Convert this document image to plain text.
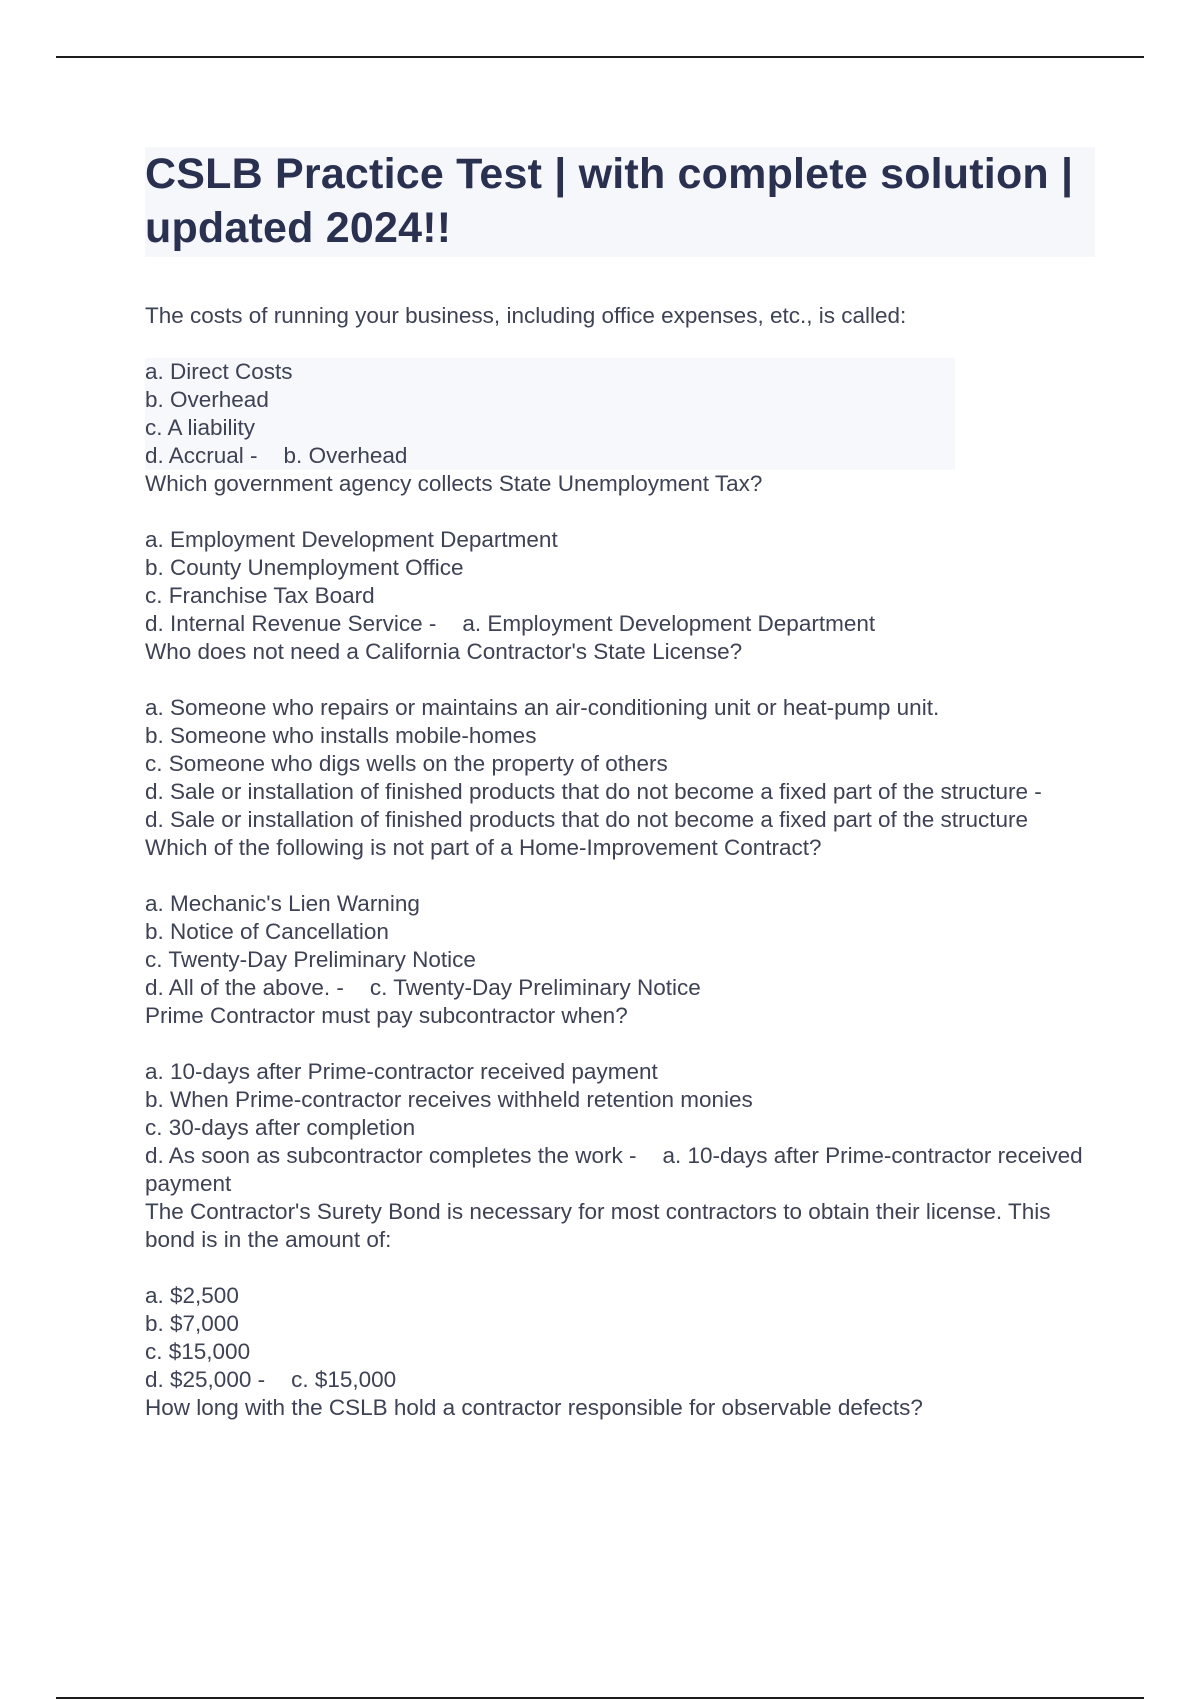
CSLB Practice Test | with complete solution | updated 2024!!
The costs of running your business, including office expenses, etc., is called:
a. Direct Costs
b. Overhead
c. A liability
d. Accrual - b. Overhead
Which government agency collects State Unemployment Tax?
a. Employment Development Department
b. County Unemployment Office
c. Franchise Tax Board
d. Internal Revenue Service - a. Employment Development Department
Who does not need a California Contractor's State License?
a. Someone who repairs or maintains an air-conditioning unit or heat-pump unit.
b. Someone who installs mobile-homes
c. Someone who digs wells on the property of others
d. Sale or installation of finished products that do not become a fixed part of the structure -d. Sale or installation of finished products that do not become a fixed part of the structure
Which of the following is not part of a Home-Improvement Contract?
a. Mechanic's Lien Warning
b. Notice of Cancellation
c. Twenty-Day Preliminary Notice
d. All of the above. - c. Twenty-Day Preliminary Notice
Prime Contractor must pay subcontractor when?
a. 10-days after Prime-contractor received payment
b. When Prime-contractor receives withheld retention monies
c. 30-days after completion
d. As soon as subcontractor completes the work - a. 10-days after Prime-contractor received payment
The Contractor's Surety Bond is necessary for most contractors to obtain their license. This bond is in the amount of:
a. $2,500
b. $7,000
c. $15,000
d. $25,000 - c. $15,000
How long with the CSLB hold a contractor responsible for observable defects?
